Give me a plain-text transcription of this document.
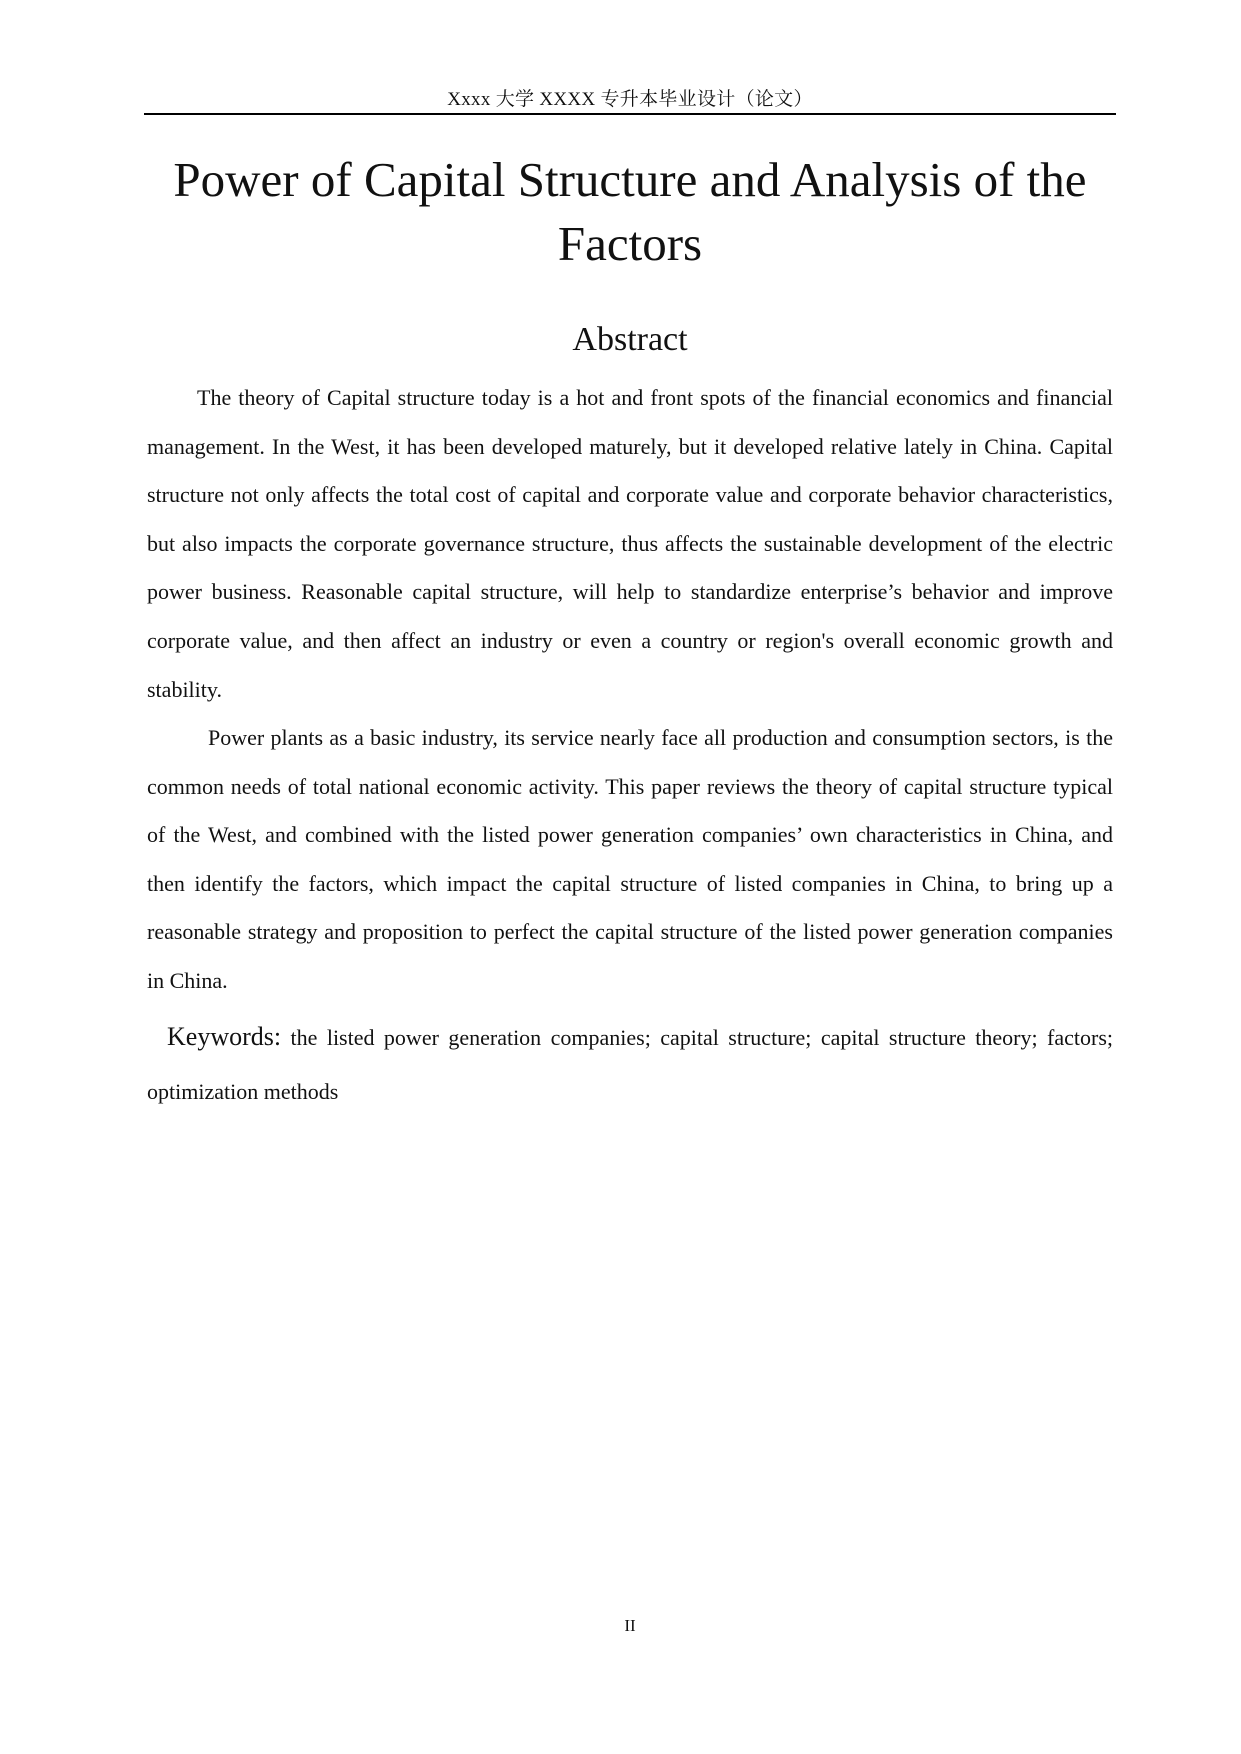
Xxxx 大学 XXXX 专升本毕业设计（论文）
Power of Capital Structure and Analysis of the Factors
Abstract

The theory of Capital structure today is a hot and front spots of the financial economics and financial management. In the West, it has been developed maturely, but it developed relative lately in China. Capital structure not only affects the total cost of capital and corporate value and corporate behavior characteristics, but also impacts the corporate governance structure, thus affects the sustainable development of the electric power business. Reasonable capital structure, will help to standardize enterprise’s behavior and improve corporate value, and then affect an industry or even a country or region's overall economic growth and stability.

Power plants as a basic industry, its service nearly face all production and consumption sectors, is the common needs of total national economic activity. This paper reviews the theory of capital structure typical of the West, and combined with the listed power generation companies’ own characteristics in China, and then identify the factors, which impact the capital structure of listed companies in China, to bring up a reasonable strategy and proposition to perfect the capital structure of the listed power generation companies in China.

Keywords: the listed power generation companies; capital structure; capital structure theory; factors; optimization methods

II
